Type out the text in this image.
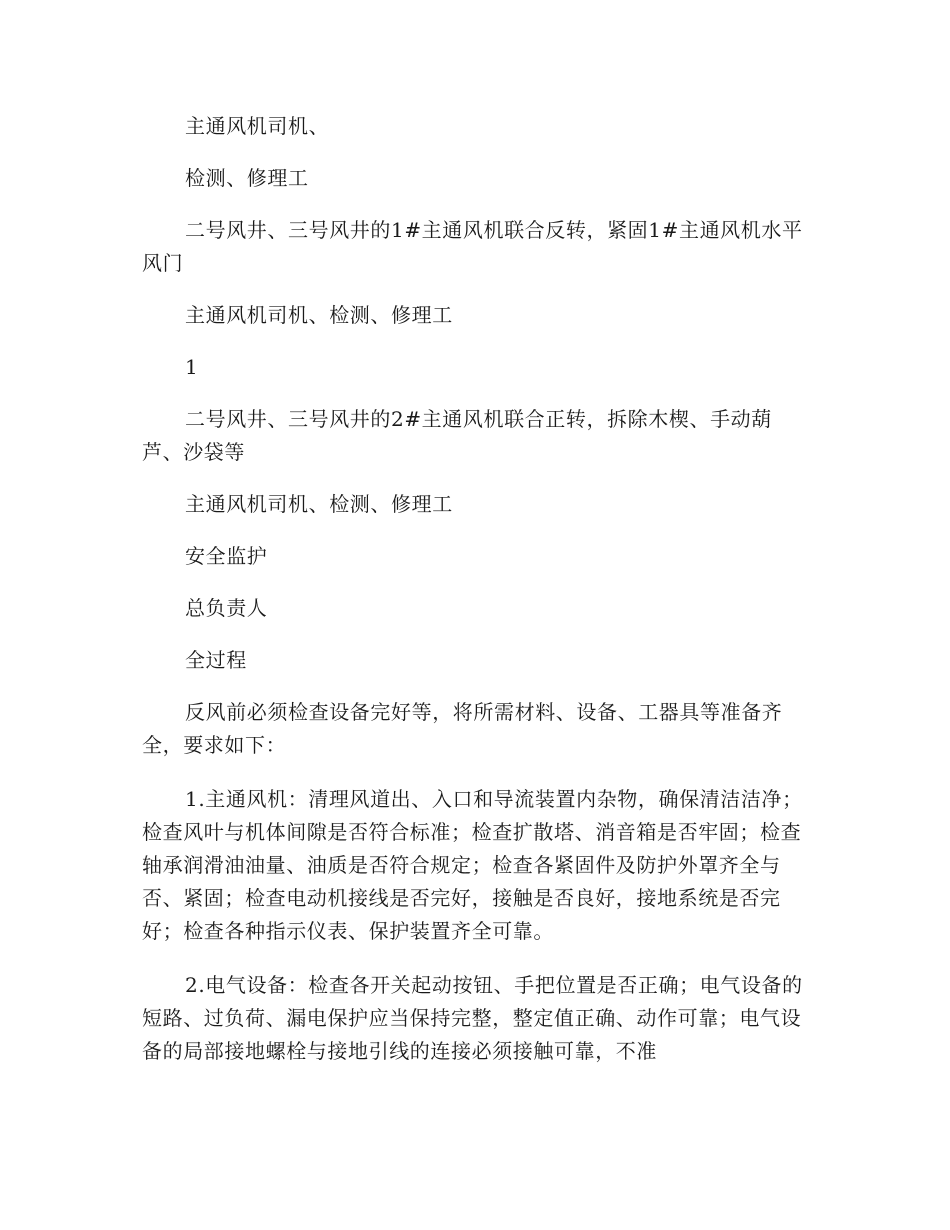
主通风机司机、

检测、修理工

二号风井、三号风井的1#主通风机联合反转，紧固1#主通风机水平风门

主通风机司机、检测、修理工

1

二号风井、三号风井的2#主通风机联合正转，拆除木楔、手动葫芦、沙袋等

主通风机司机、检测、修理工

安全监护

总负责人

全过程

反风前必须检查设备完好等，将所需材料、设备、工器具等准备齐全，要求如下：

1.主通风机：清理风道出、入口和导流装置内杂物，确保清洁洁净；检查风叶与机体间隙是否符合标准；检查扩散塔、消音箱是否牢固；检查轴承润滑油油量、油质是否符合规定；检查各紧固件及防护外罩齐全与否、紧固；检查电动机接线是否完好，接触是否良好，接地系统是否完好；检查各种指示仪表、保护装置齐全可靠。

2.电气设备：检查各开关起动按钮、手把位置是否正确；电气设备的短路、过负荷、漏电保护应当保持完整，整定值正确、动作可靠；电气设备的局部接地螺栓与接地引线的连接必须接触可靠，不准
